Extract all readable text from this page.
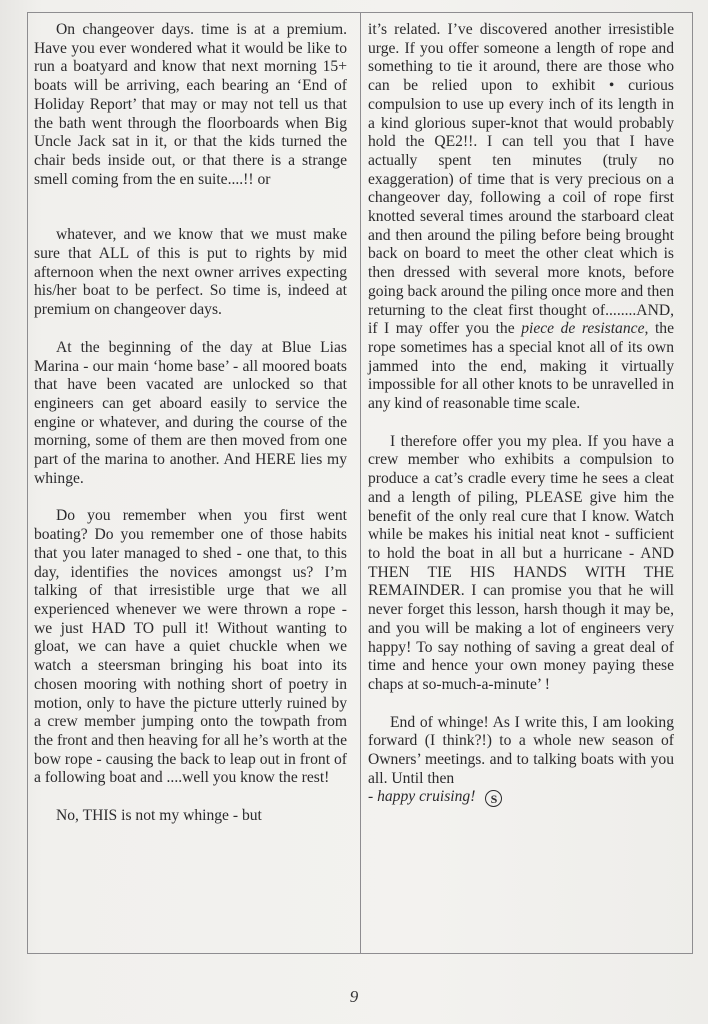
On changeover days. time is at a premium. Have you ever wondered what it would be like to run a boatyard and know that next morning 15+ boats will be arriving, each bearing an ‘End of Holiday Report’ that may or may not tell us that the bath went through the floorboards when Big Uncle Jack sat in it, or that the kids turned the chair beds inside out, or that there is a strange smell coming from the en suite....!! or

whatever, and we know that we must make sure that ALL of this is put to rights by mid afternoon when the next owner arrives expecting his/her boat to be perfect. So time is, indeed at premium on changeover days.

At the beginning of the day at Blue Lias Marina - our main ‘home base’ - all moored boats that have been vacated are unlocked so that engineers can get aboard easily to service the engine or whatever, and during the course of the morning, some of them are then moved from one part of the marina to another. And HERE lies my whinge.

Do you remember when you first went boating? Do you remember one of those habits that you later managed to shed - one that, to this day, identifies the novices amongst us? I’m talking of that irresistible urge that we all experienced whenever we were thrown a rope - we just HAD TO pull it! Without wanting to gloat, we can have a quiet chuckle when we watch a steersman bringing his boat into its chosen mooring with nothing short of poetry in motion, only to have the picture utterly ruined by a crew member jumping onto the towpath from the front and then heaving for all he’s worth at the bow rope - causing the back to leap out in front of a following boat and ....well you know the rest!

No, THIS is not my whinge - but

it’s related. I’ve discovered another irresistible urge. If you offer someone a length of rope and something to tie it around, there are those who can be relied upon to exhibit • curious compulsion to use up every inch of its length in a kind glorious super-knot that would probably hold the QE2!!. I can tell you that I have actually spent ten minutes (truly no exaggeration) of time that is very precious on a changeover day, following a coil of rope first knotted several times around the starboard cleat and then around the piling before being brought back on board to meet the other cleat which is then dressed with several more knots, before going back around the piling once more and then returning to the cleat first thought of........AND, if I may offer you the piece de resistance, the rope sometimes has a special knot all of its own jammed into the end, making it virtually impossible for all other knots to be unravelled in any kind of reasonable time scale.

I therefore offer you my plea. If you have a crew member who exhibits a compulsion to produce a cat’s cradle every time he sees a cleat and a length of piling, PLEASE give him the benefit of the only real cure that I know. Watch while be makes his initial neat knot - sufficient to hold the boat in all but a hurricane - AND THEN TIE HIS HANDS WITH THE REMAINDER. I can promise you that he will never forget this lesson, harsh though it may be, and you will be making a lot of engineers very happy! To say nothing of saving a great deal of time and hence your own money paying these chaps at so-much-a-minute’ !

End of whinge! As I write this, I am looking forward (I think?!) to a whole new season of Owners’ meetings. and to talking boats with you all. Until then

- happy cruising! S

9
